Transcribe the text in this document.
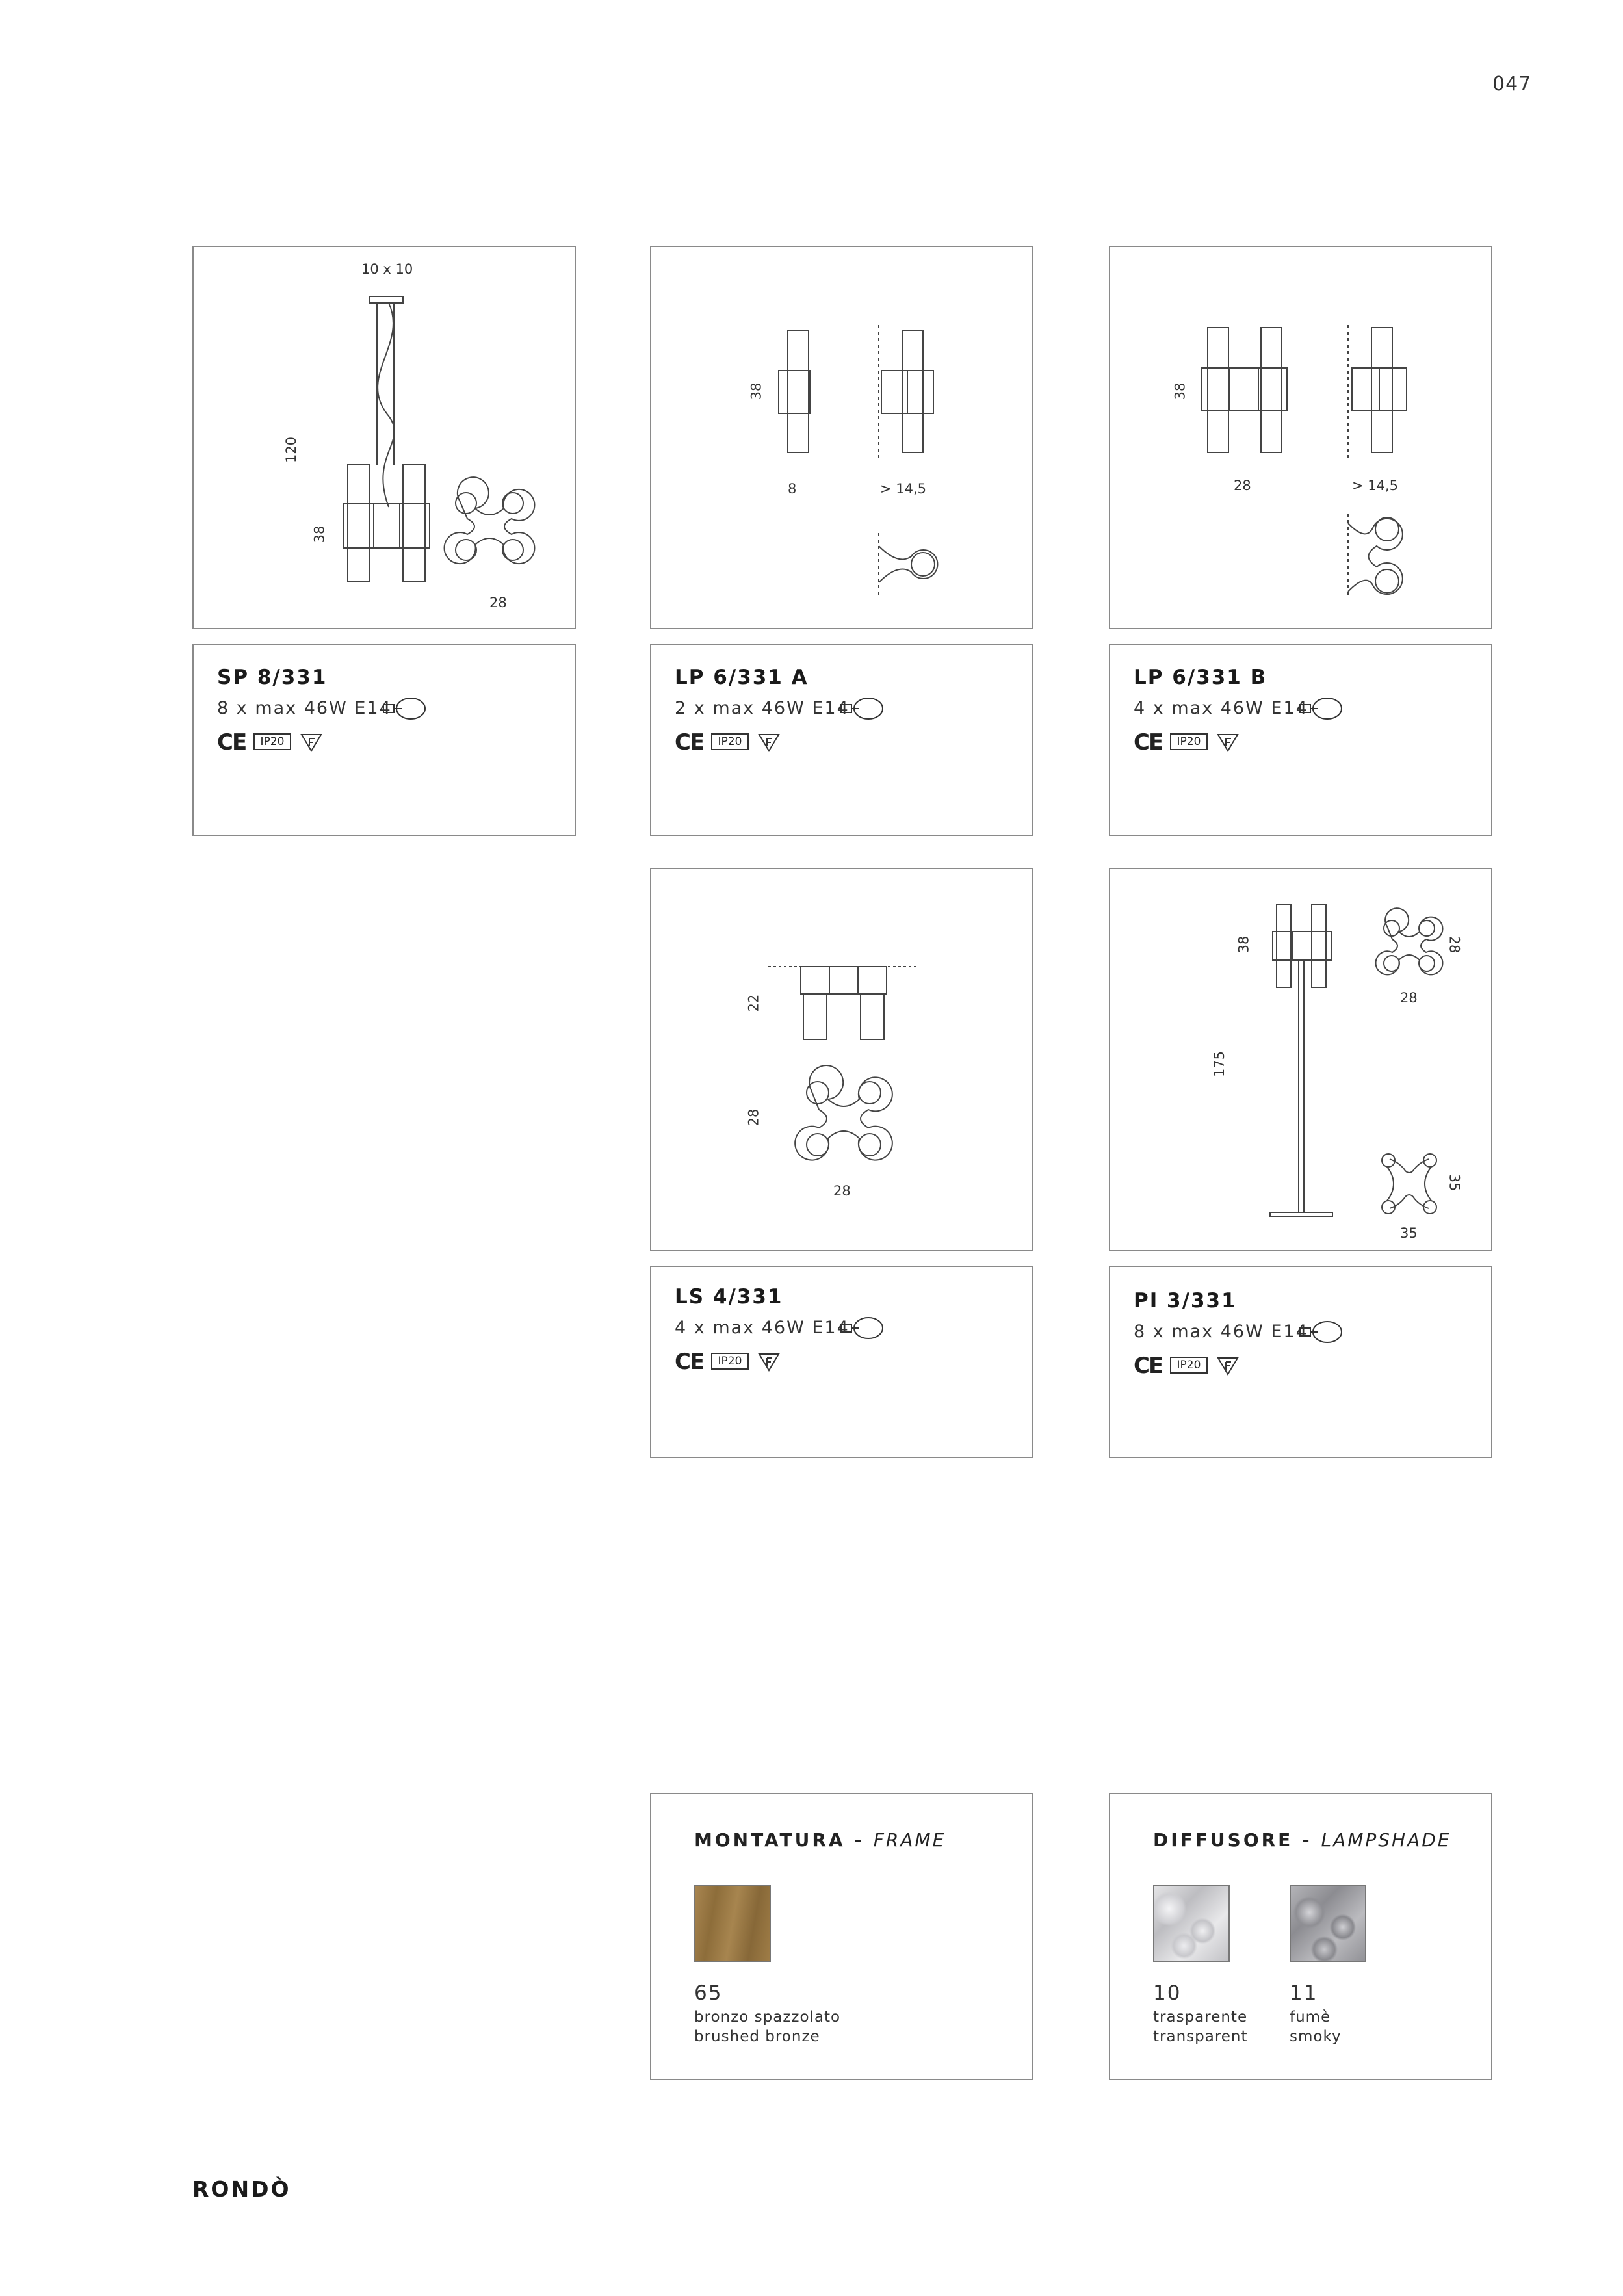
047
10 x 10
120
38
28
38
8	> 14,5
38
28	> 14,5
SP 8/331
8 x max 46W E14
CE	IP20
LP 6/331 A
2 x max 46W E14
CE	IP20
LP 6/331 B
4 x max 46W E14
CE	IP20
22
28
28
38	28
28
175
35
35
LS 4/331
4 x max 46W E14
CE	IP20
PI 3/331
8 x max 46W E14
CE	IP20
MONTATURA - FRAME
65
bronzo spazzolato
brushed bronze
DIFFUSORE - LAMPSHADE
10
trasparente
transparent
11
fumè
smoky
RONDÒ
